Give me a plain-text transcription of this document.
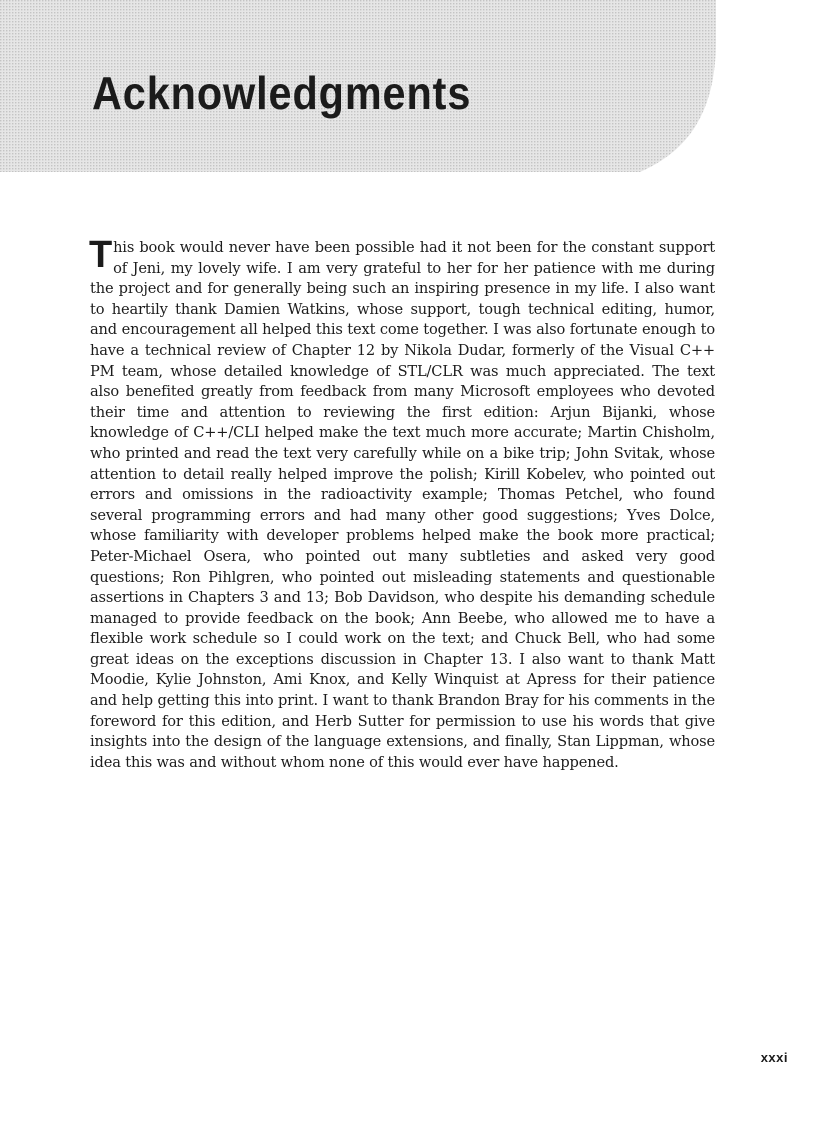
Acknowledgments

This book would never have been possible had it not been for the constant support of Jeni, my lovely wife. I am very grateful to her for her patience with me during the project and for generally being such an inspiring presence in my life. I also want to heartily thank Damien Watkins, whose support, tough technical editing, humor, and encouragement all helped this text come together. I was also fortunate enough to have a technical review of Chapter 12 by Nikola Dudar, formerly of the Visual C++ PM team, whose detailed knowledge of STL/CLR was much appreciated. The text also benefited greatly from feedback from many Microsoft employees who devoted their time and attention to reviewing the first edition: Arjun Bijanki, whose knowledge of C++/CLI helped make the text much more accurate; Martin Chisholm, who printed and read the text very carefully while on a bike trip; John Svitak, whose attention to detail really helped improve the polish; Kirill Kobelev, who pointed out errors and omissions in the radioactivity example; Thomas Petchel, who found several programming errors and had many other good suggestions; Yves Dolce, whose familiarity with developer problems helped make the book more practical; Peter-Michael Osera, who pointed out many subtleties and asked very good questions; Ron Pihlgren, who pointed out misleading statements and questionable assertions in Chapters 3 and 13; Bob Davidson, who despite his demanding schedule managed to provide feedback on the book; Ann Beebe, who allowed me to have a flexible work schedule so I could work on the text; and Chuck Bell, who had some great ideas on the exceptions discussion in Chapter 13. I also want to thank Matt Moodie, Kylie Johnston, Ami Knox, and Kelly Winquist at Apress for their patience and help getting this into print. I want to thank Brandon Bray for his comments in the foreword for this edition, and Herb Sutter for permission to use his words that give insights into the design of the language extensions, and finally, Stan Lippman, whose idea this was and without whom none of this would ever have happened.

xxxi
